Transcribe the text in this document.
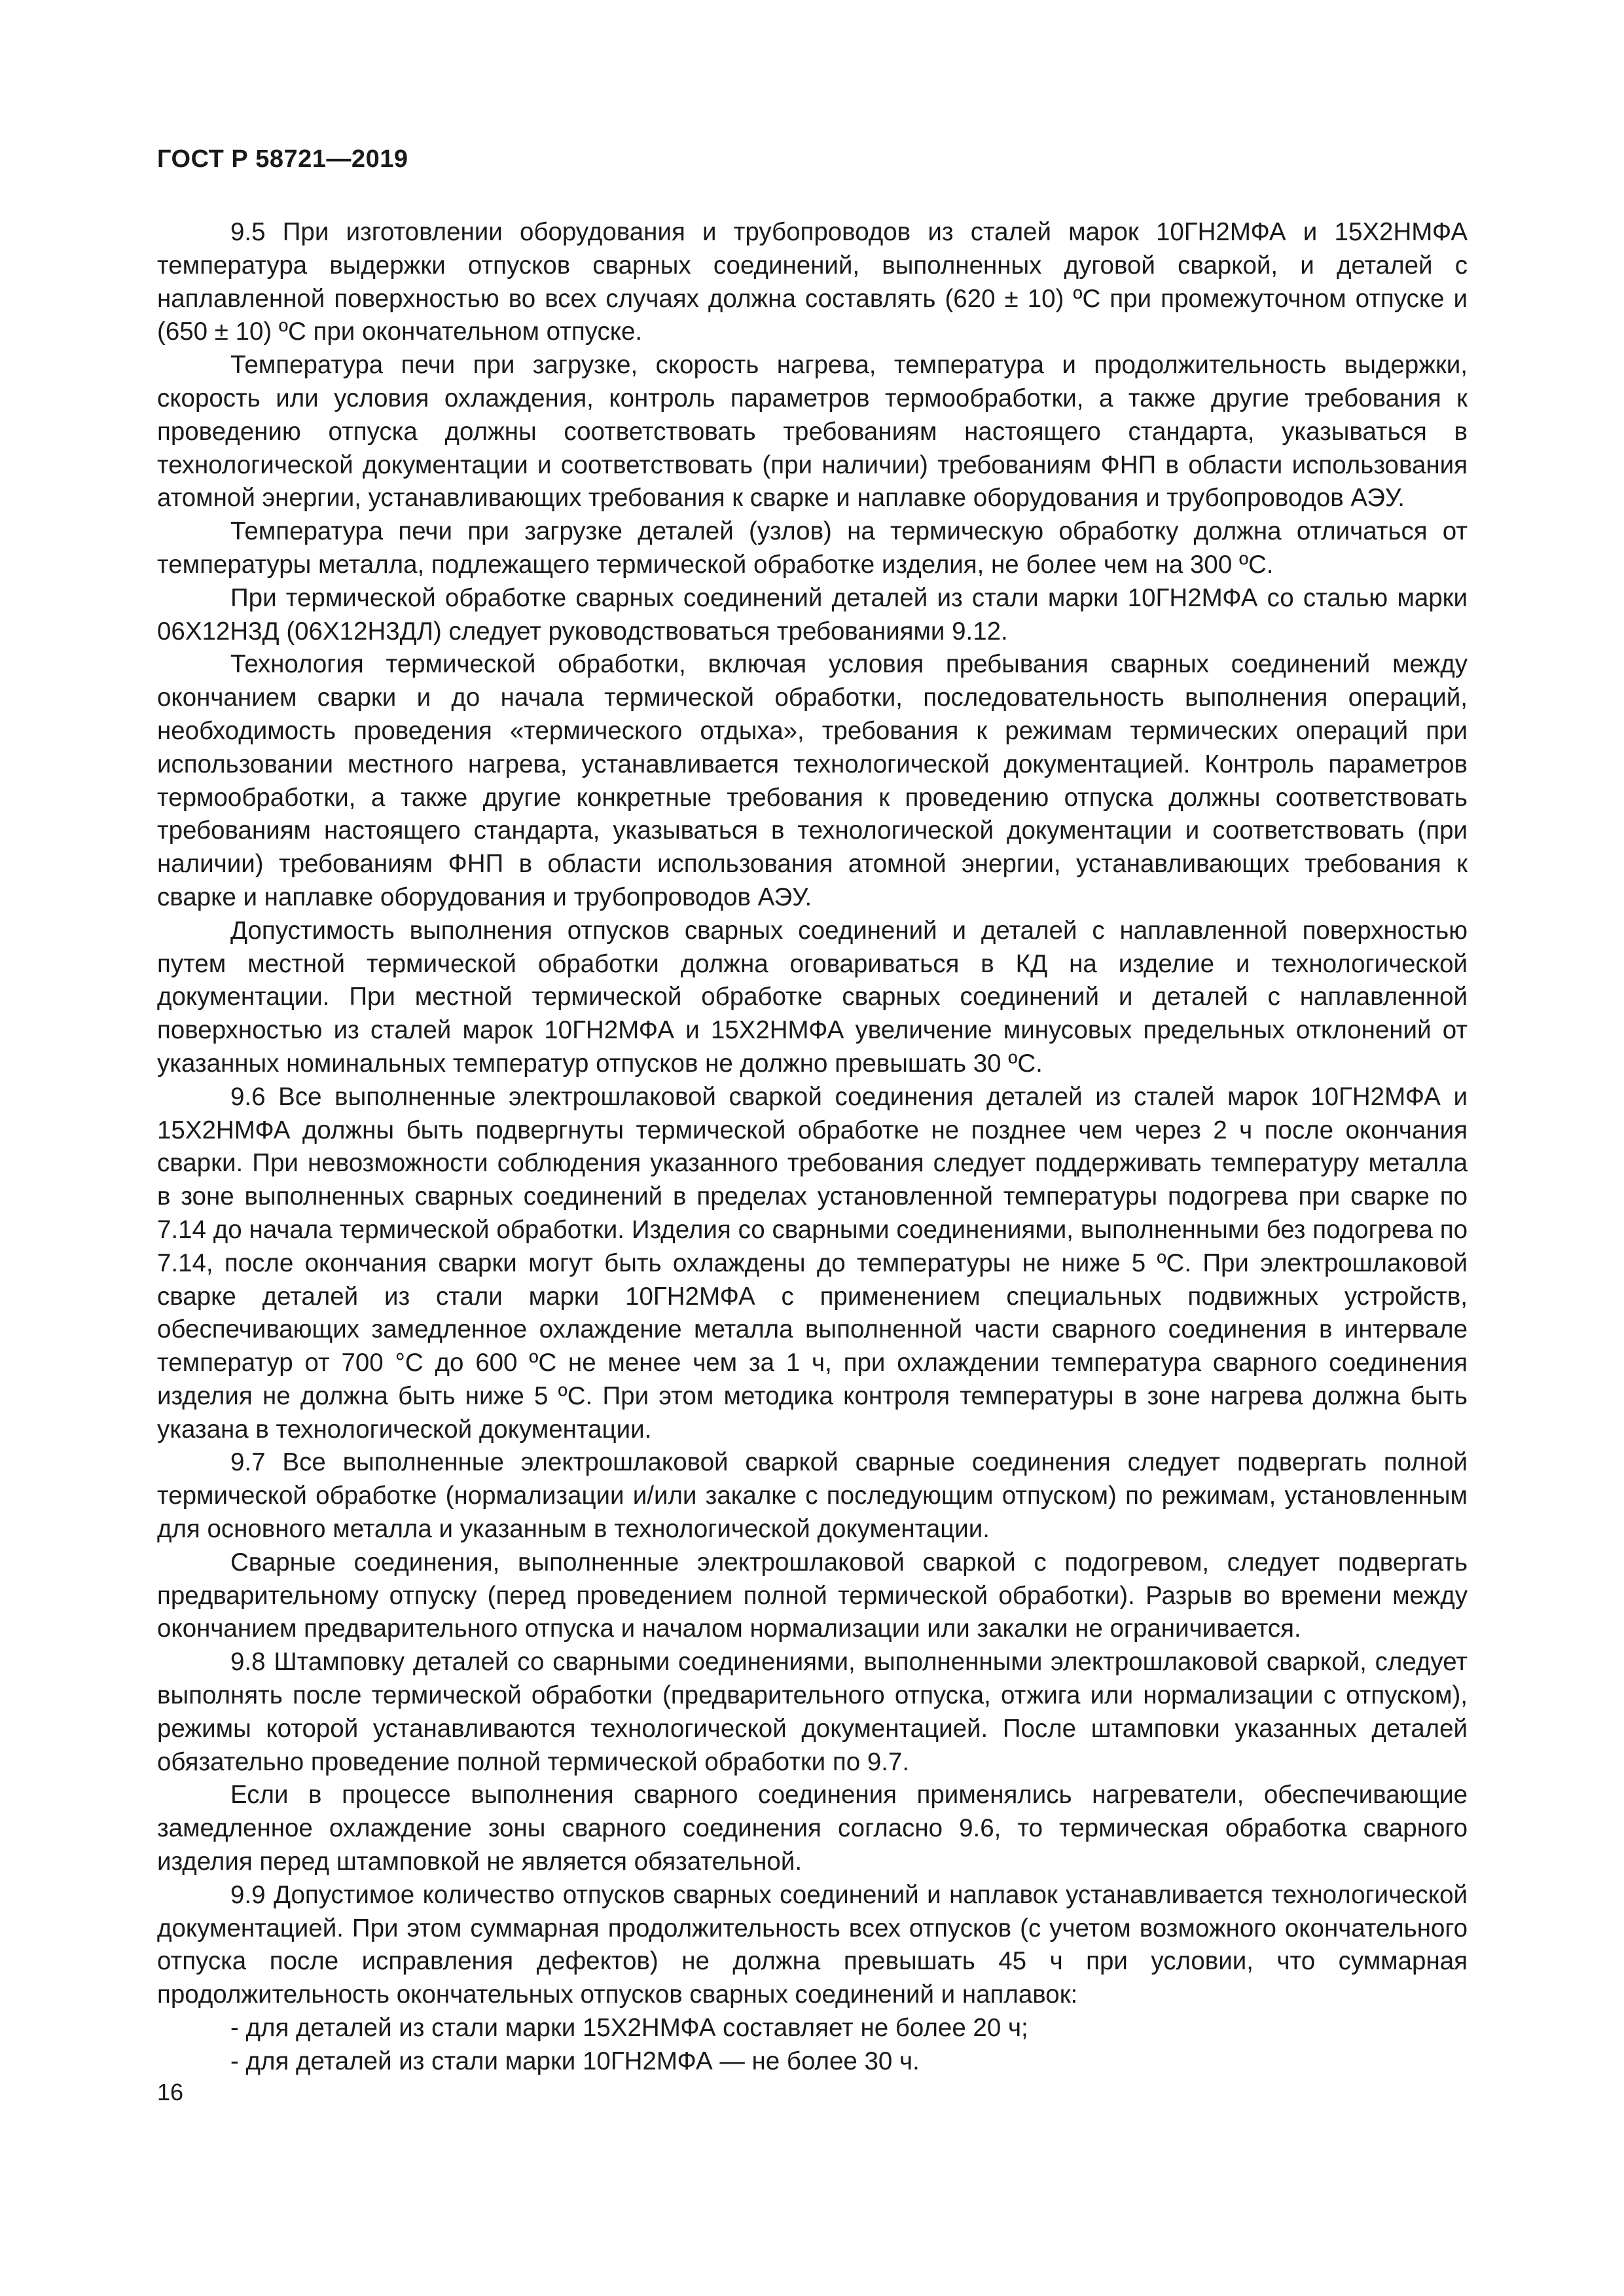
ГОСТ Р 58721—2019

9.5 При изготовлении оборудования и трубопроводов из сталей марок 10ГН2МФА и 15Х2НМФА температура выдержки отпусков сварных соединений, выполненных дуговой сваркой, и деталей с наплавленной поверхностью во всех случаях должна составлять (620 ± 10) ºC при промежуточном отпуске и (650 ± 10) ºC при окончательном отпуске.

Температура печи при загрузке, скорость нагрева, температура и продолжительность выдержки, скорость или условия охлаждения, контроль параметров термообработки, а также другие требования к проведению отпуска должны соответствовать требованиям настоящего стандарта, указываться в технологической документации и соответствовать (при наличии) требованиям ФНП в области использования атомной энергии, устанавливающих требования к сварке и наплавке оборудования и трубопроводов АЭУ.

Температура печи при загрузке деталей (узлов) на термическую обработку должна отличаться от температуры металла, подлежащего термической обработке изделия, не более чем на 300 ºC.

При термической обработке сварных соединений деталей из стали марки 10ГН2МФА со сталью марки 06Х12Н3Д (06Х12Н3ДЛ) следует руководствоваться требованиями 9.12.

Технология термической обработки, включая условия пребывания сварных соединений между окончанием сварки и до начала термической обработки, последовательность выполнения операций, необходимость проведения «термического отдыха», требования к режимам термических операций при использовании местного нагрева, устанавливается технологической документацией. Контроль параметров термообработки, а также другие конкретные требования к проведению отпуска должны соответствовать требованиям настоящего стандарта, указываться в технологической документации и соответствовать (при наличии) требованиям ФНП в области использования атомной энергии, устанавливающих требования к сварке и наплавке оборудования и трубопроводов АЭУ.

Допустимость выполнения отпусков сварных соединений и деталей с наплавленной поверхностью путем местной термической обработки должна оговариваться в КД на изделие и технологической документации. При местной термической обработке сварных соединений и деталей с наплавленной поверхностью из сталей марок 10ГН2МФА и 15Х2НМФА увеличение минусовых предельных отклонений от указанных номинальных температур отпусков не должно превышать 30 ºC.

9.6 Все выполненные электрошлаковой сваркой соединения деталей из сталей марок 10ГН2МФА и 15Х2НМФА должны быть подвергнуты термической обработке не позднее чем через 2 ч после окончания сварки. При невозможности соблюдения указанного требования следует поддерживать температуру металла в зоне выполненных сварных соединений в пределах установленной температуры подогрева при сварке по 7.14 до начала термической обработки. Изделия со сварными соединениями, выполненными без подогрева по 7.14, после окончания сварки могут быть охлаждены до температуры не ниже 5 ºC. При электрошлаковой сварке деталей из стали марки 10ГН2МФА с применением специальных подвижных устройств, обеспечивающих замедленное охлаждение металла выполненной части сварного соединения в интервале температур от 700 °C до 600 ºC не менее чем за 1 ч, при охлаждении температура сварного соединения изделия не должна быть ниже 5 ºC. При этом методика контроля температуры в зоне нагрева должна быть указана в технологической документации.

9.7 Все выполненные электрошлаковой сваркой сварные соединения следует подвергать полной термической обработке (нормализации и/или закалке с последующим отпуском) по режимам, установленным для основного металла и указанным в технологической документации.

Сварные соединения, выполненные электрошлаковой сваркой с подогревом, следует подвергать предварительному отпуску (перед проведением полной термической обработки). Разрыв во времени между окончанием предварительного отпуска и началом нормализации или закалки не ограничивается.

9.8 Штамповку деталей со сварными соединениями, выполненными электрошлаковой сваркой, следует выполнять после термической обработки (предварительного отпуска, отжига или нормализации с отпуском), режимы которой устанавливаются технологической документацией. После штамповки указанных деталей обязательно проведение полной термической обработки по 9.7.

Если в процессе выполнения сварного соединения применялись нагреватели, обеспечивающие замедленное охлаждение зоны сварного соединения согласно 9.6, то термическая обработка сварного изделия перед штамповкой не является обязательной.

9.9 Допустимое количество отпусков сварных соединений и наплавок устанавливается технологической документацией. При этом суммарная продолжительность всех отпусков (с учетом возможного окончательного отпуска после исправления дефектов) не должна превышать 45 ч при условии, что суммарная продолжительность окончательных отпусков сварных соединений и наплавок:

- для деталей из стали марки 15Х2НМФА составляет не более 20 ч;

- для деталей из стали марки 10ГН2МФА — не более 30 ч.

16
